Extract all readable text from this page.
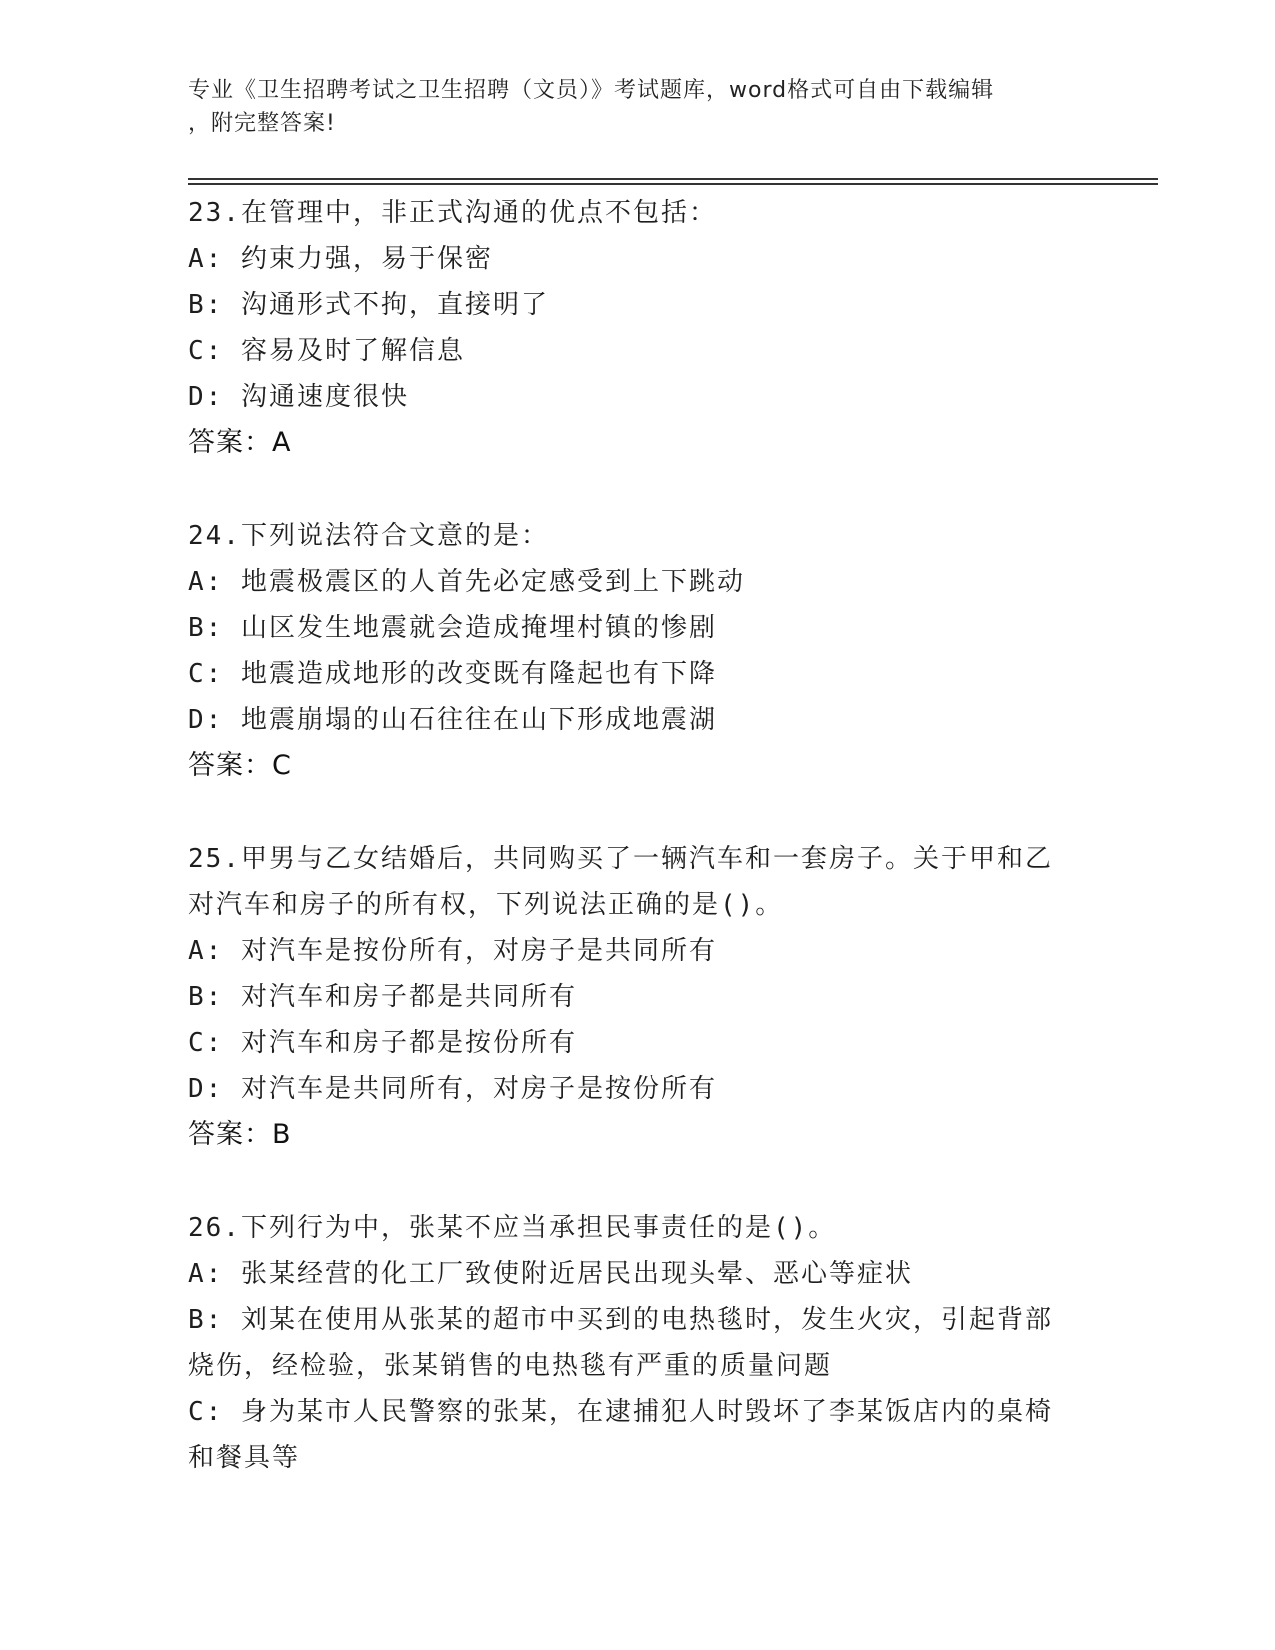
专业《卫生招聘考试之卫生招聘（文员）》考试题库，word格式可自由下载编辑
，附完整答案!
23.在管理中，非正式沟通的优点不包括：
A: 约束力强，易于保密
B: 沟通形式不拘，直接明了
C: 容易及时了解信息
D: 沟通速度很快
答案：A
24.下列说法符合文意的是：
A: 地震极震区的人首先必定感受到上下跳动
B: 山区发生地震就会造成掩埋村镇的惨剧
C: 地震造成地形的改变既有隆起也有下降
D: 地震崩塌的山石往往在山下形成地震湖
答案：C
25.甲男与乙女结婚后，共同购买了一辆汽车和一套房子。关于甲和乙
对汽车和房子的所有权，下列说法正确的是()。
A: 对汽车是按份所有，对房子是共同所有
B: 对汽车和房子都是共同所有
C: 对汽车和房子都是按份所有
D: 对汽车是共同所有，对房子是按份所有
答案：B
26.下列行为中，张某不应当承担民事责任的是()。
A: 张某经营的化工厂致使附近居民出现头晕、恶心等症状
B: 刘某在使用从张某的超市中买到的电热毯时，发生火灾，引起背部
烧伤，经检验，张某销售的电热毯有严重的质量问题
C: 身为某市人民警察的张某，在逮捕犯人时毁坏了李某饭店内的桌椅
和餐具等
